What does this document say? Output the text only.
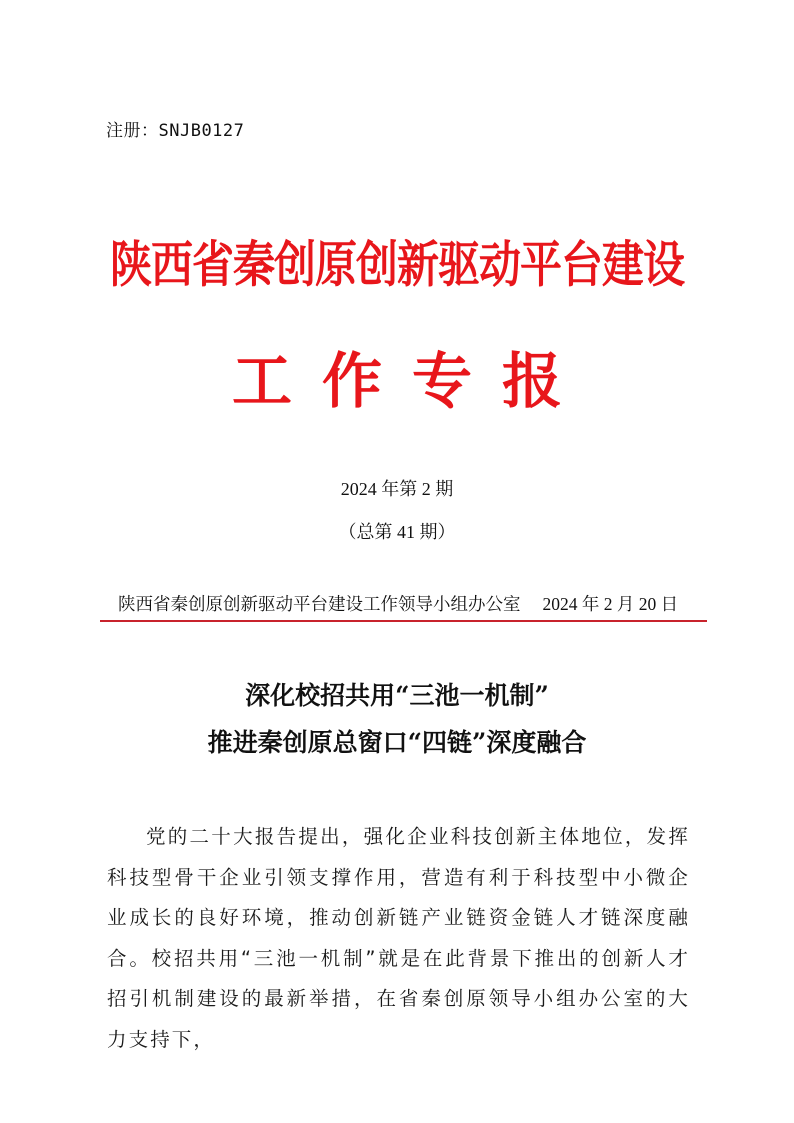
注册：SNJB0127
陕西省秦创原创新驱动平台建设
工作专报
2024 年第 2 期
（总第 41 期）
陕西省秦创原创新驱动平台建设工作领导小组办公室 2024 年 2 月 20 日
深化校招共用“三池一机制”
推进秦创原总窗口“四链”深度融合

党的二十大报告提出，强化企业科技创新主体地位，发挥科技型骨干企业引领支撑作用，营造有利于科技型中小微企业成长的良好环境，推动创新链产业链资金链人才链深度融合。校招共用“三池一机制”就是在此背景下推出的创新人才招引机制建设的最新举措，在省秦创原领导小组办公室的大力支持下，
